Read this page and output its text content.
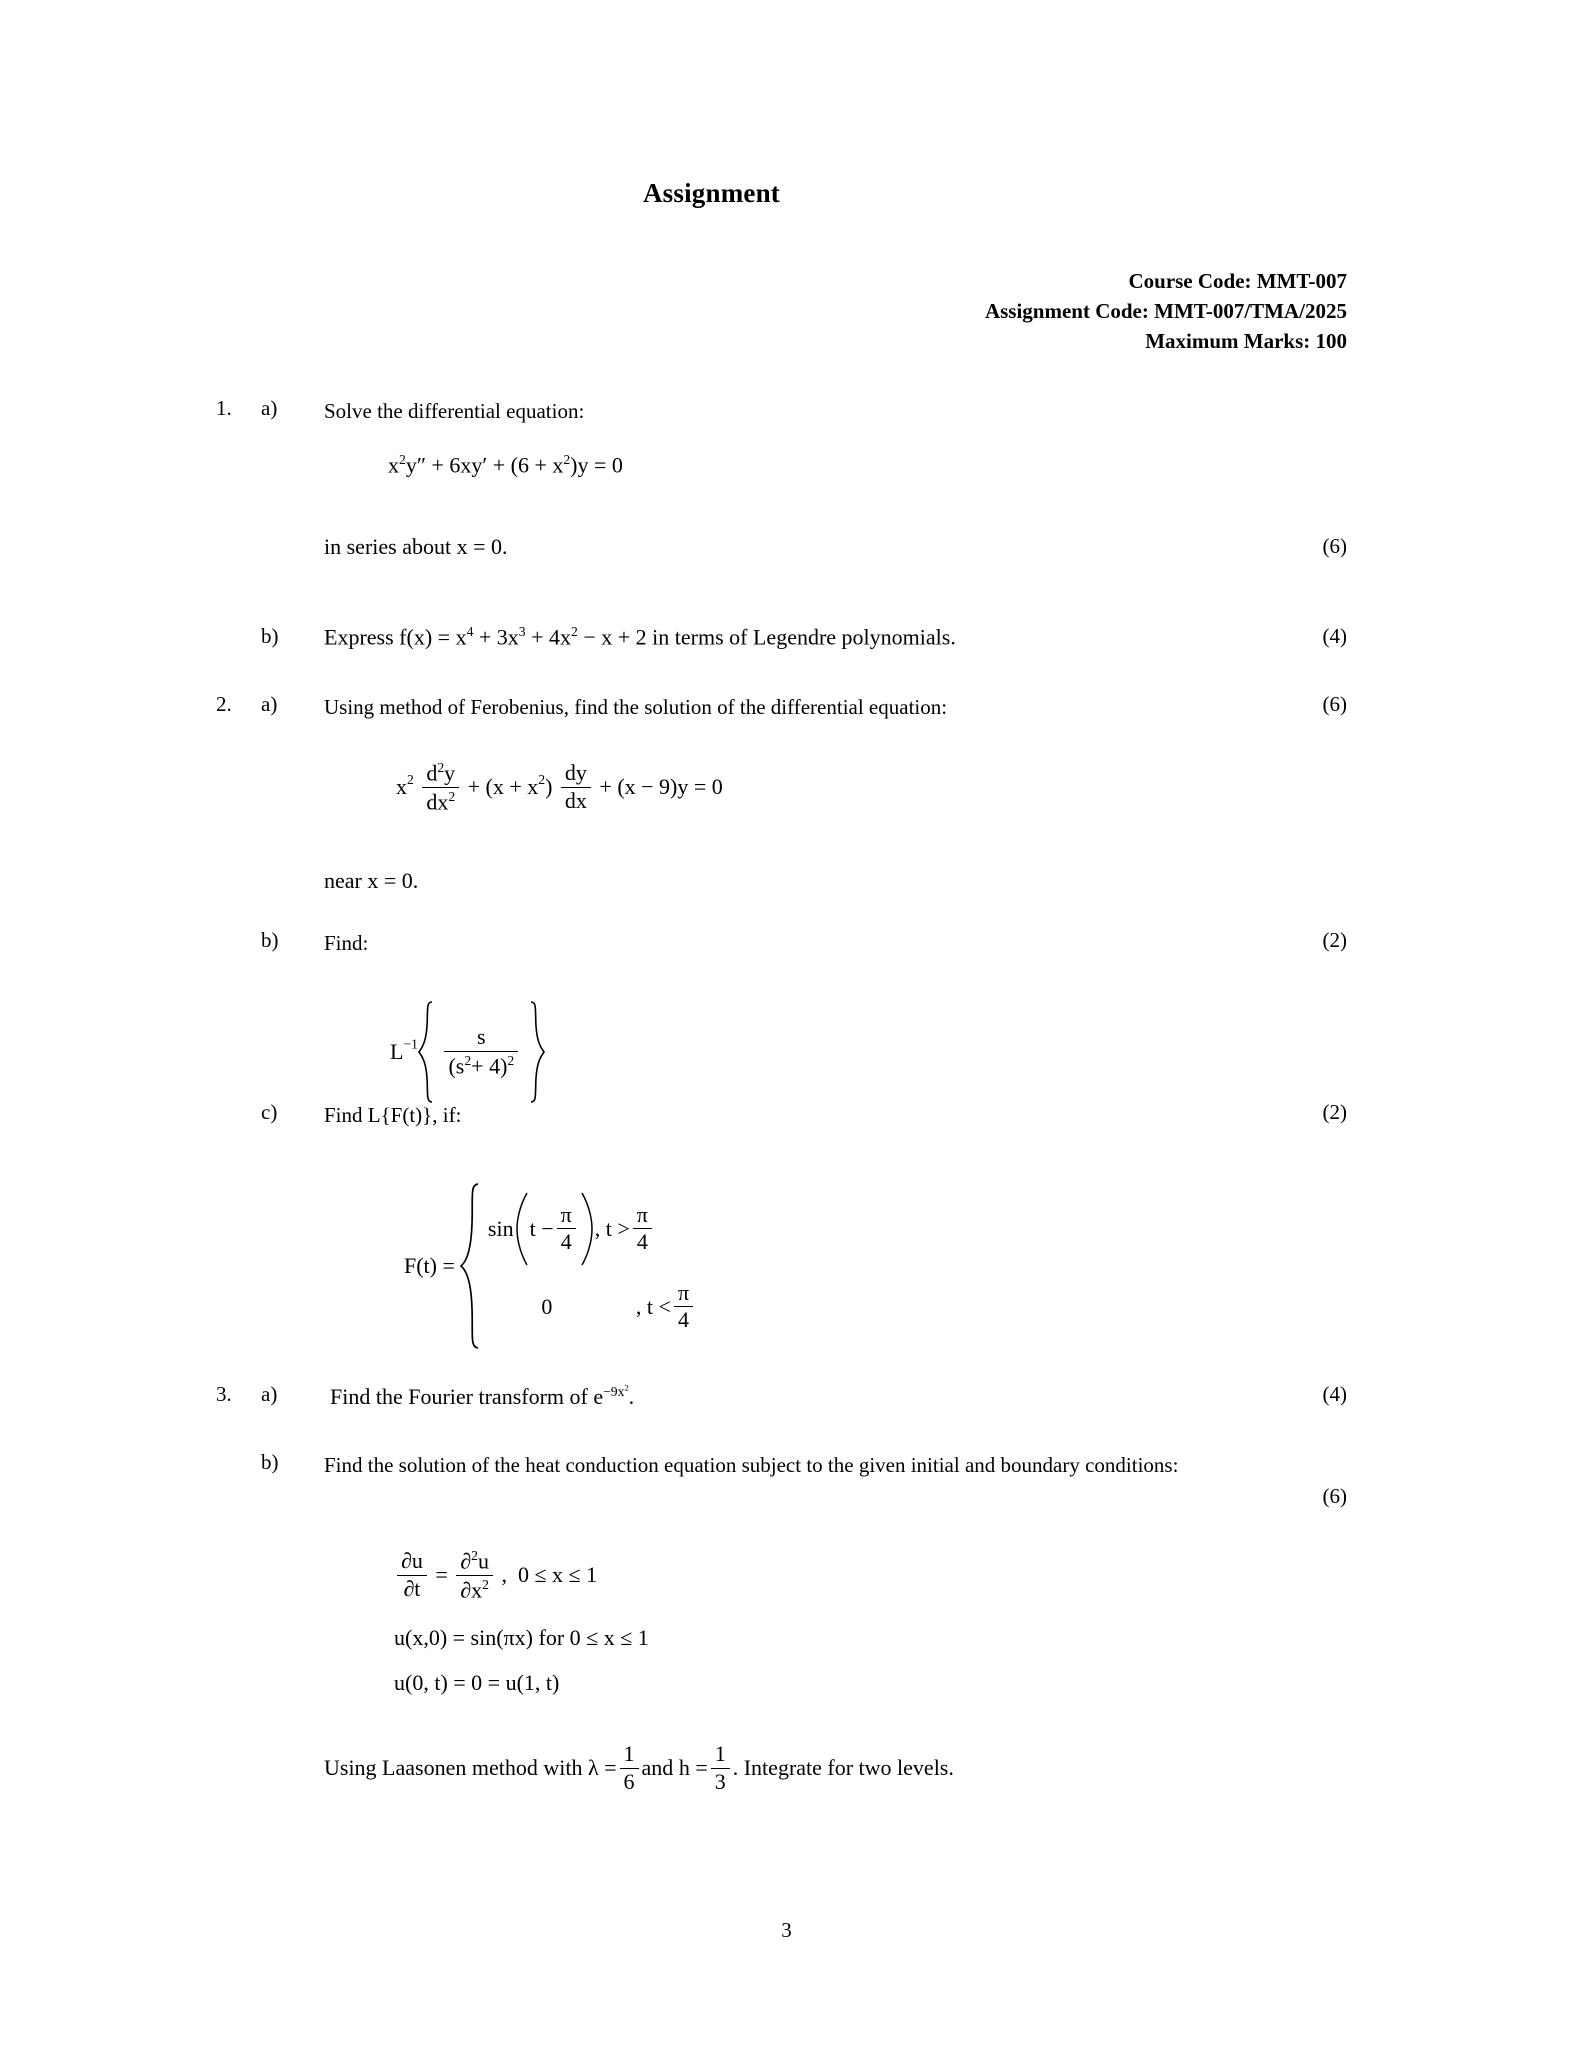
Assignment
Course Code: MMT-007
Assignment Code: MMT-007/TMA/2025
Maximum Marks: 100
1.	a)	Solve the differential equation:
$x^2y'' + 6xy' + (6 + x^2)y = 0$
in series about x = 0.	(6)
b)	Express $f(x) = x^4 + 3x^3 + 4x^2 - x + 2$ in terms of Legendre polynomials.	(4)
2.	a)	Using method of Ferobenius, find the solution of the differential equation:	(6)
$x^2 \frac{d^2y}{dx^2} + (x + x^2) \frac{dy}{dx} + (x - 9)y = 0$
near x = 0.
b)	Find:	(2)
$L^{-1}$
$\frac{s}{(s^2+ 4)^2}$

c)	Find L{F(t)}, if:	(2)
F(t) =

$\sin t - \frac{\pi}{4}$ , $t > \frac{\pi}{4}$
0	, $t < \frac{\pi}{4}$
3.	a)	Find the Fourier transform of $e^{-9x^2}$.	(4)
b)	Find the solution of the heat conduction equation subject to the given initial and boundary conditions:
(6)
$\frac{\partial u}{\partial t} = \frac{\partial^2u}{\partial x^2}$ , 0 ≤ x ≤ 1
u(x,0) = sin(πx) for 0 ≤ x ≤ 1
u(0, t) = 0 = u(1, t)
Using Laasonen method with $\lambda = \frac{1}{6}$ and $h = \frac{1}{3}$ . Integrate for two levels.
3
